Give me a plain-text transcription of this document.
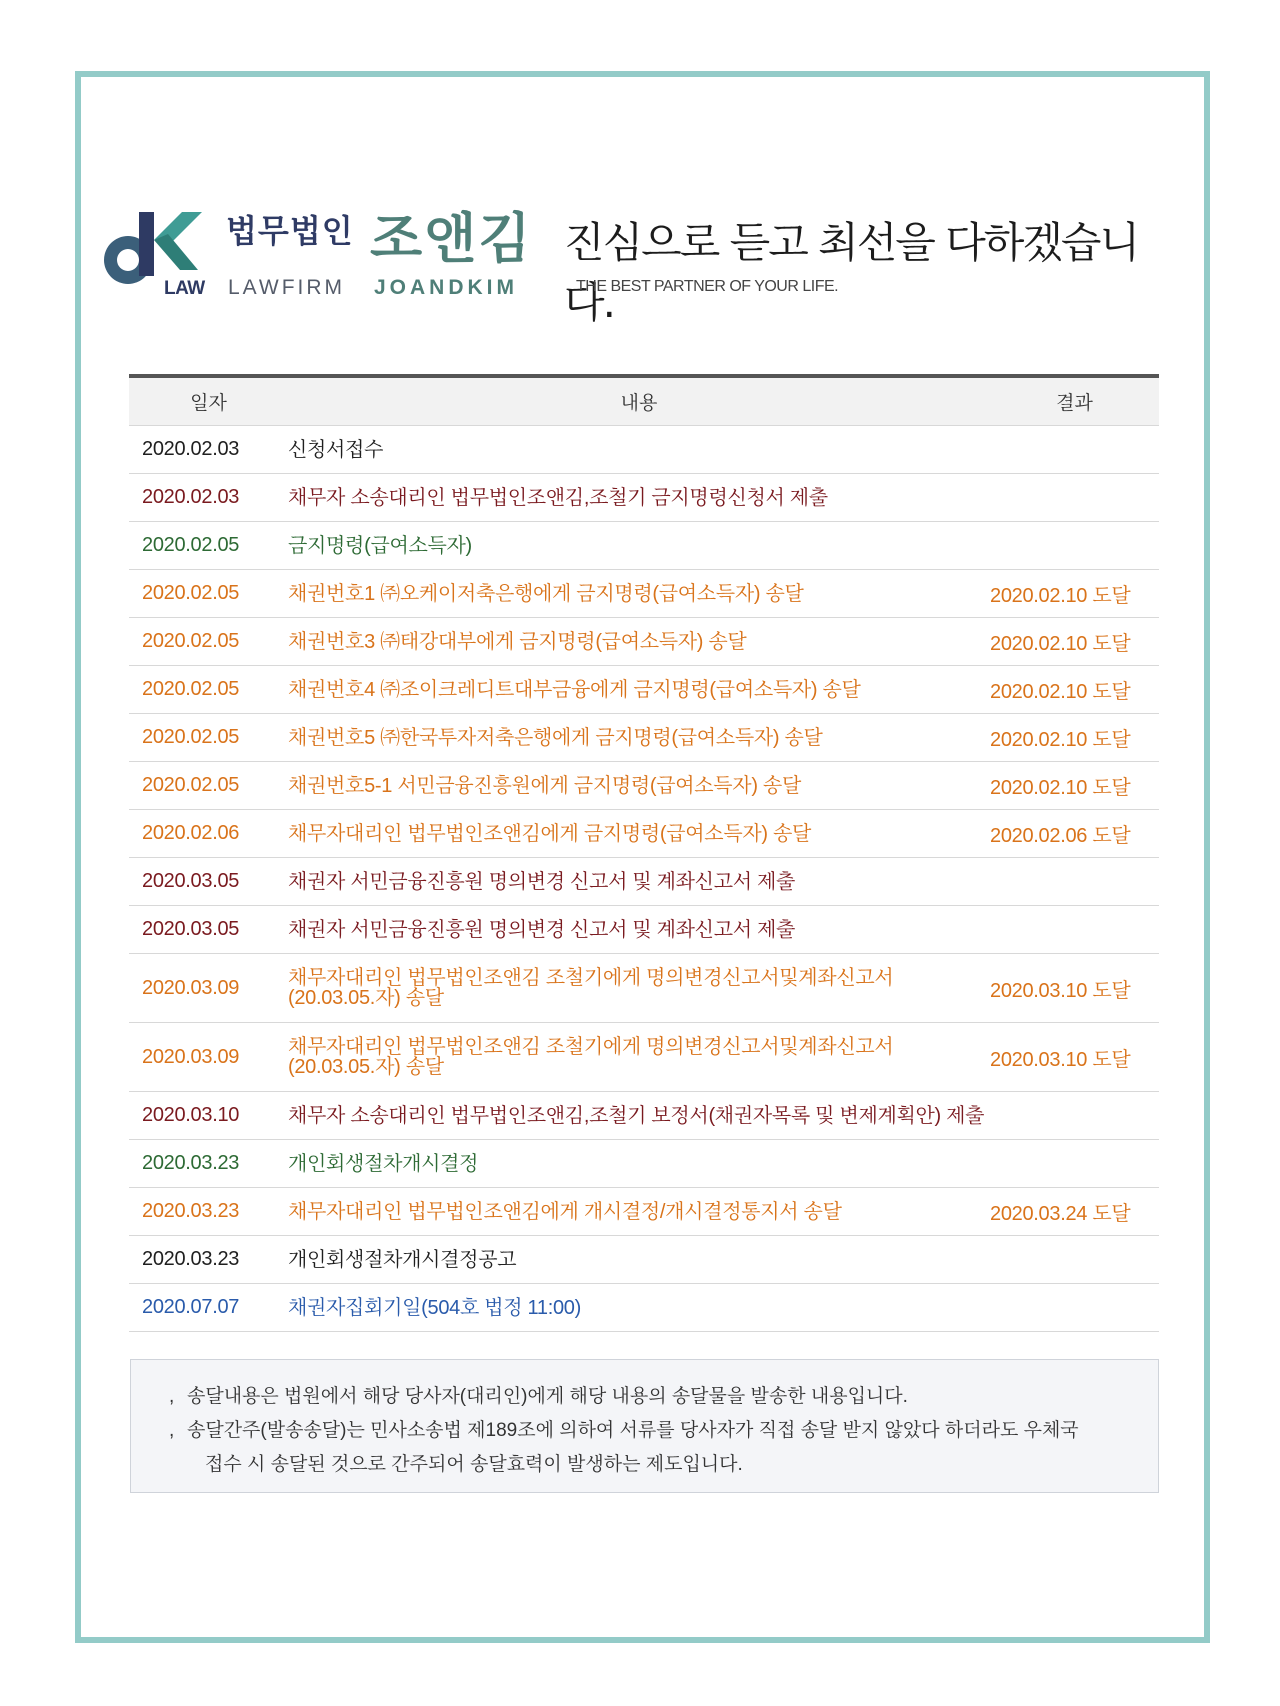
LAW
법무법인
LAWFIRM
조앤김
JOANDKIM
진심으로 듣고 최선을 다하겠습니다.
THE BEST PARTNER OF YOUR LIFE.
일자	내용	결과
2020.02.03	신청서접수	

2020.02.03	채무자 소송대리인 법무법인조앤김,조철기 금지명령신청서 제출	

2020.02.05	금지명령(급여소득자)	

2020.02.05	채권번호1 ㈜오케이저축은행에게 금지명령(급여소득자) 송달	2020.02.10 도달
2020.02.05	채권번호3 ㈜태강대부에게 금지명령(급여소득자) 송달	2020.02.10 도달
2020.02.05	채권번호4 ㈜조이크레디트대부금융에게 금지명령(급여소득자) 송달	2020.02.10 도달
2020.02.05	채권번호5 ㈜한국투자저축은행에게 금지명령(급여소득자) 송달	2020.02.10 도달
2020.02.05	채권번호5-1 서민금융진흥원에게 금지명령(급여소득자) 송달	2020.02.10 도달
2020.02.06	채무자대리인 법무법인조앤김에게 금지명령(급여소득자) 송달	2020.02.06 도달
2020.03.05	채권자 서민금융진흥원 명의변경 신고서 및 계좌신고서 제출	

2020.03.05	채권자 서민금융진흥원 명의변경 신고서 및 계좌신고서 제출	

2020.03.09	채무자대리인 법무법인조앤김 조철기에게 명의변경신고서및계좌신고서
(20.03.05.자) 송달	2020.03.10 도달
2020.03.09	채무자대리인 법무법인조앤김 조철기에게 명의변경신고서및계좌신고서
(20.03.05.자) 송달	2020.03.10 도달
2020.03.10	채무자 소송대리인 법무법인조앤김,조철기 보정서(채권자목록 및 변제계획안) 제출	

2020.03.23	개인회생절차개시결정	

2020.03.23	채무자대리인 법무법인조앤김에게 개시결정/개시결정통지서 송달	2020.03.24 도달
2020.03.23	개인회생절차개시결정공고	

2020.07.07	채권자집회기일(504호 법정 11:00)	

, 송달내용은 법원에서 해당 당사자(대리인)에게 해당 내용의 송달물을 발송한 내용입니다.
, 송달간주(발송송달)는 민사소송법 제189조에 의하여 서류를 당사자가 직접 송달 받지 않았다 하더라도 우체국
접수 시 송달된 것으로 간주되어 송달효력이 발생하는 제도입니다.
